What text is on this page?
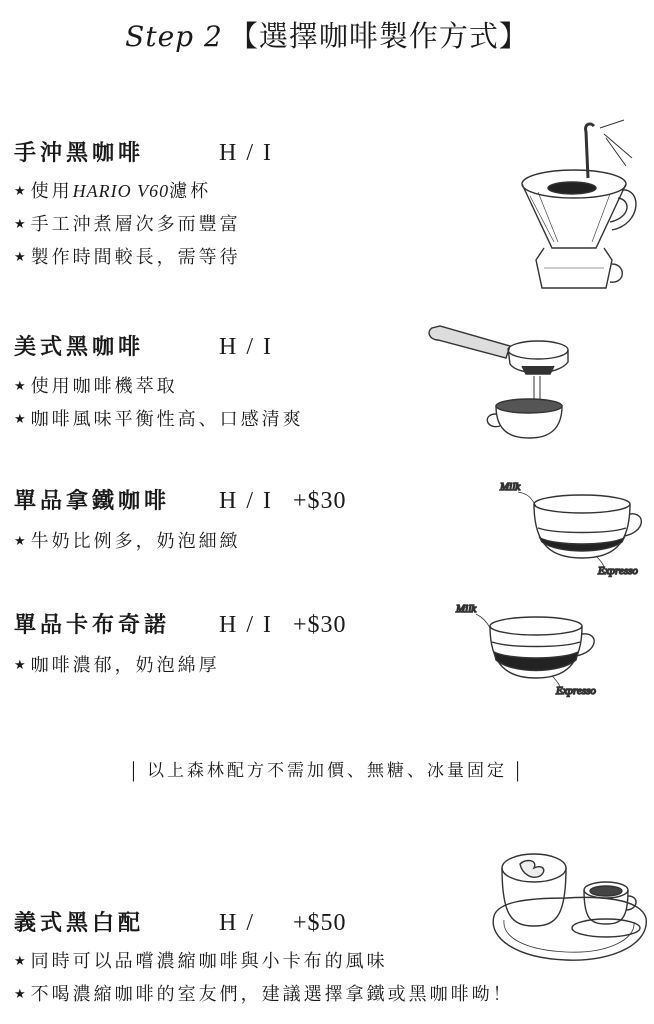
Step 2 【選擇咖啡製作方式】
手沖黑咖啡	H / I
★ 使用HARIO V60濾杯
★ 手工沖煮層次多而豐富
★ 製作時間較長，需等待
美式黑咖啡	H / I
★ 使用咖啡機萃取
★ 咖啡風味平衡性高、口感清爽
單品拿鐵咖啡	H / I +$30
★ 牛奶比例多，奶泡細緻
單品卡布奇諾	H / I +$30
★ 咖啡濃郁，奶泡綿厚
| 以上森林配方不需加價、無糖、冰量固定 |
義式黑白配	H /	+$50
★ 同時可以品嚐濃縮咖啡與小卡布的風味
★ 不喝濃縮咖啡的室友們，建議選擇拿鐵或黑咖啡呦！
Milk
Expresso
Milk
Expresso
